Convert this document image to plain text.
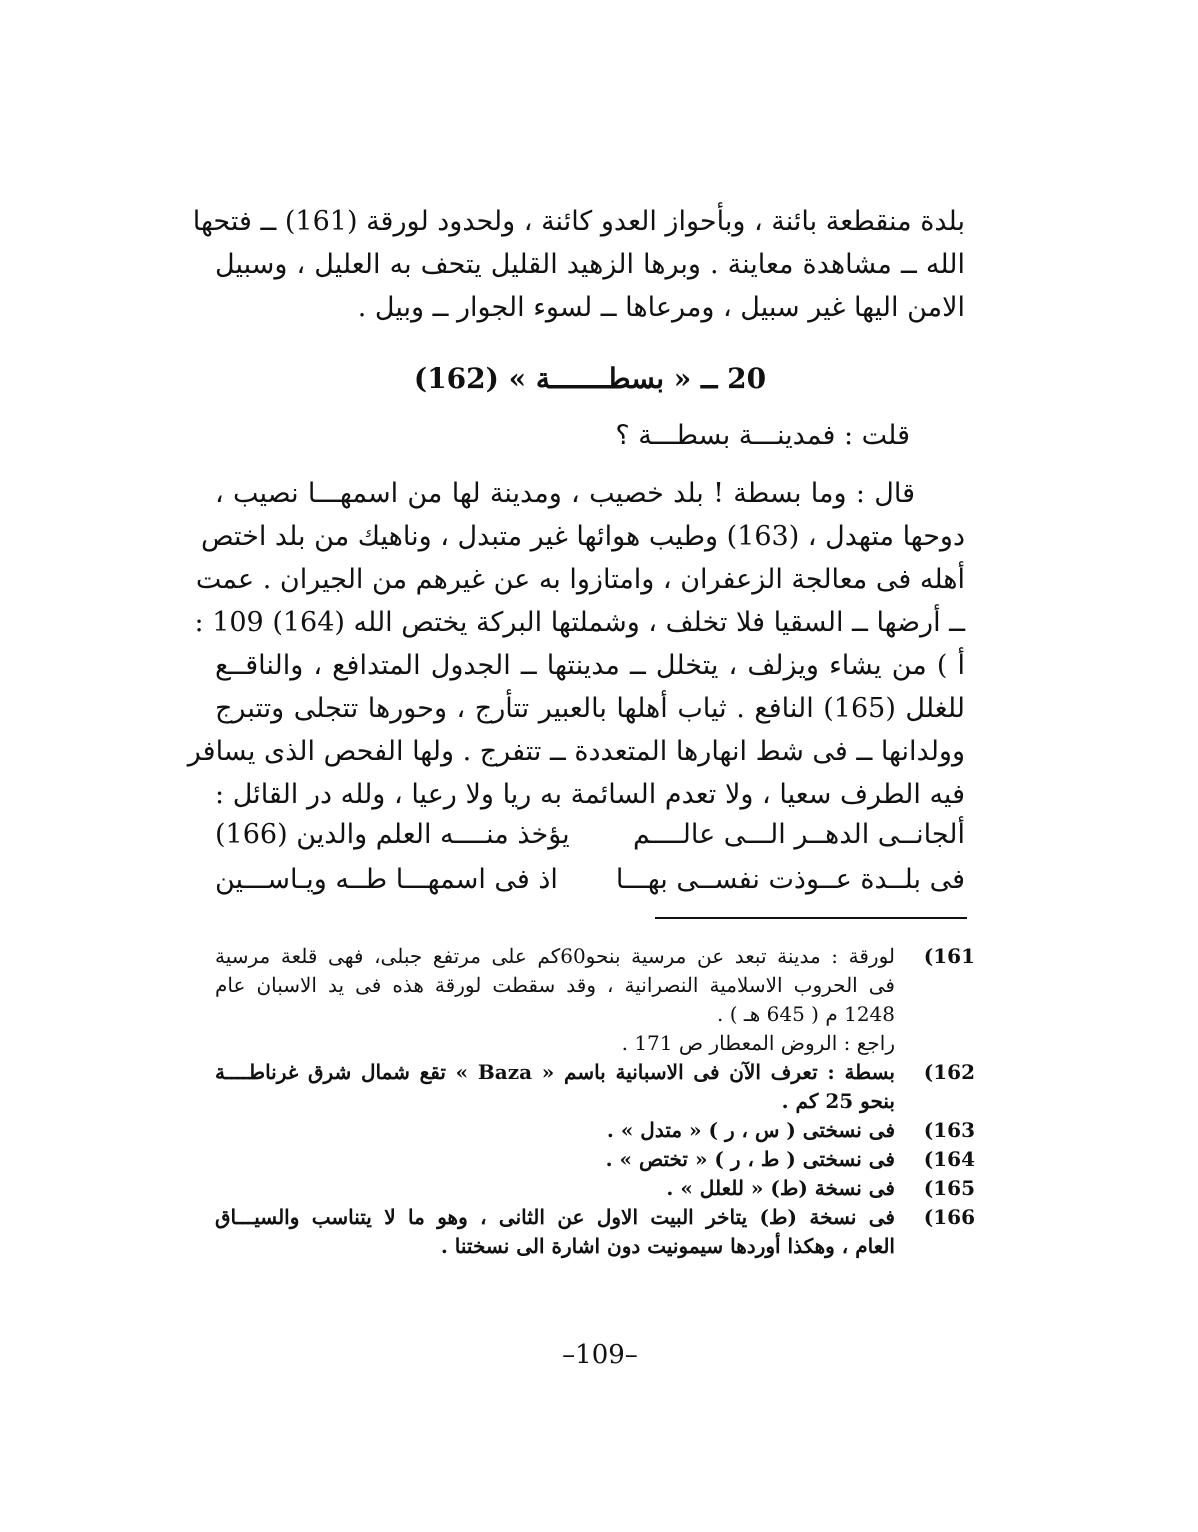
بلدة منقطعة بائنة ، وبأحواز العدو كائنة ، ولحدود لورقة (161) ــ فتحها
الله ــ مشاهدة معاينة . وبرها الزهيد القليل يتحف به العليل ، وسبيل
الامن اليها غير سبيل ، ومرعاها ــ لسوء الجوار ــ وبيل .
20 ــ « بسطـــــــة » (162)
قلت : فمدينـــة بسطـــة ؟
قال : وما بسطة ! بلد خصيب ، ومدينة لها من اسمهـــا نصيب ،
دوحها متهدل ، (163) وطيب هوائها غير متبدل ، وناهيك من بلد اختص
أهله فى معالجة الزعفران ، وامتازوا به عن غيرهم من الجيران . عمت
ــ أرضها ــ السقيا فلا تخلف ، وشملتها البركة يختص الله (164) 109 :
أ ) من يشاء ويزلف ، يتخلل ــ مدينتها ــ الجدول المتدافع ، والناقــع
للغلل (165) النافع . ثياب أهلها بالعبير تتأرج ، وحورها تتجلى وتتبرج
وولدانها ــ فى شط انهارها المتعددة ــ تتفرج . ولها الفحص الذى يسافر
فيه الطرف سعيا ، ولا تعدم السائمة به ريا ولا رعيا ، ولله در القائل :
ألجانــى الدهــر الـــى عالــــم
يؤخذ منــــه العلم والدين (166)
فى بلــدة عــوذت نفســى بهـــا
اذ فى اسمهـــا طــه ويـاســـين
(161
لورقة : مدينة تبعد عن مرسية بنحو60كم على مرتفع جبلى، فهى قلعة مرسية
فى الحروب الاسلامية النصرانية ، وقد سقطت لورقة هذه فى يد الاسبان عام
1248 م ( 645 هـ ) .
راجع : الروض المعطار ص 171 .
(162
بسطة : تعرف الآن فى الاسبانية باسم « Baza » تقع شمال شرق غرناطــــة
بنحو 25 كم .
(163
فى نسختى ( س ، ر ) « متدل » .
(164
فى نسختى ( ط ، ر ) « تختص » .
(165
فى نسخة (ط) « للعلل » .
(166
فى نسخة (ط) يتاخر البيت الاول عن الثانى ، وهو ما لا يتناسب والسيـــاق
العام ، وهكذا أوردها سيمونيت دون اشارة الى نسختنا .
–109–
